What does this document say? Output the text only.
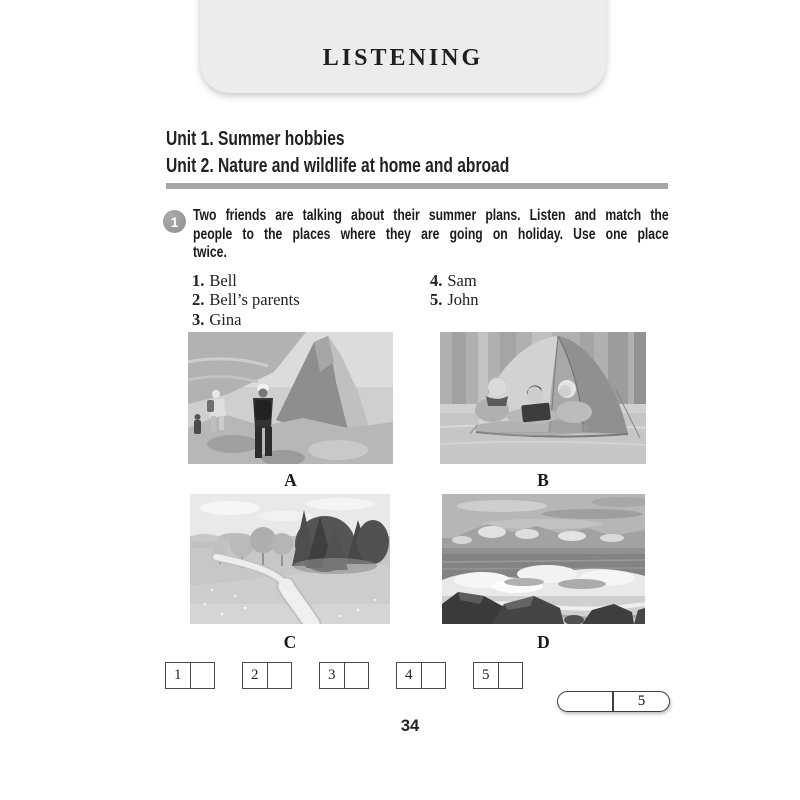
LISTENING
Unit 1. Summer hobbies
Unit 2. Nature and wildlife at home and abroad
1 Two friends are talking about their summer plans. Listen and match the
people to the places where they are going on holiday. Use one place
twice.
1. Bell
2. Bell’s parents
3. Gina
4. Sam
5. John
A	B
C	D
1	2	3	4	5
5
34
